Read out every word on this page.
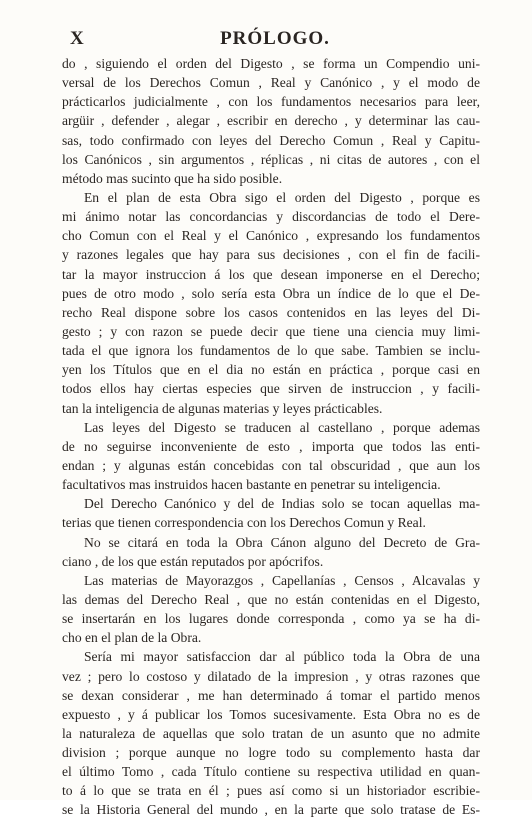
X	PRÓLOGO.
do , siguiendo el orden del Digesto , se forma un Compendio uni-
versal de los Derechos Comun , Real y Canónico , y el modo de
prácticarlos judicialmente , con los fundamentos necesarios para leer,
argüir , defender , alegar , escribir en derecho , y determinar las cau-
sas, todo confirmado con leyes del Derecho Comun , Real y Capitu-
los Canónicos , sin argumentos , réplicas , ni citas de autores , con el
método mas sucinto que ha sido posible.
En el plan de esta Obra sigo el orden del Digesto , porque es
mi ánimo notar las concordancias y discordancias de todo el Dere-
cho Comun con el Real y el Canónico , expresando los fundamentos
y razones legales que hay para sus decisiones , con el fin de facili-
tar la mayor instruccion á los que desean imponerse en el Derecho;
pues de otro modo , solo sería esta Obra un índice de lo que el De-
recho Real dispone sobre los casos contenidos en las leyes del Di-
gesto ; y con razon se puede decir que tiene una ciencia muy limi-
tada el que ignora los fundamentos de lo que sabe. Tambien se inclu-
yen los Títulos que en el dia no están en práctica , porque casi en
todos ellos hay ciertas especies que sirven de instruccion , y facili-
tan la inteligencia de algunas materias y leyes prácticables.
Las leyes del Digesto se traducen al castellano , porque ademas
de no seguirse inconveniente de esto , importa que todos las enti-
endan ; y algunas están concebidas con tal obscuridad , que aun los
facultativos mas instruidos hacen bastante en penetrar su inteligencia.
Del Derecho Canónico y del de Indias solo se tocan aquellas ma-
terias que tienen correspondencia con los Derechos Comun y Real.
No se citará en toda la Obra Cánon alguno del Decreto de Gra-
ciano , de los que están reputados por apócrifos.
Las materias de Mayorazgos , Capellanías , Censos , Alcavalas y
las demas del Derecho Real , que no están contenidas en el Digesto,
se insertarán en los lugares donde corresponda , como ya se ha di-
cho en el plan de la Obra.
Sería mi mayor satisfaccion dar al público toda la Obra de una
vez ; pero lo costoso y dilatado de la impresion , y otras razones que
se dexan considerar , me han determinado á tomar el partido menos
expuesto , y á publicar los Tomos sucesivamente. Esta Obra no es de
la naturaleza de aquellas que solo tratan de un asunto que no admite
division ; porque aunque no logre todo su complemento hasta dar
el último Tomo , cada Título contiene su respectiva utilidad en quan-
to á lo que se trata en él ; pues así como si un historiador escribie-
se la Historia General del mundo , en la parte que solo tratase de Es-
